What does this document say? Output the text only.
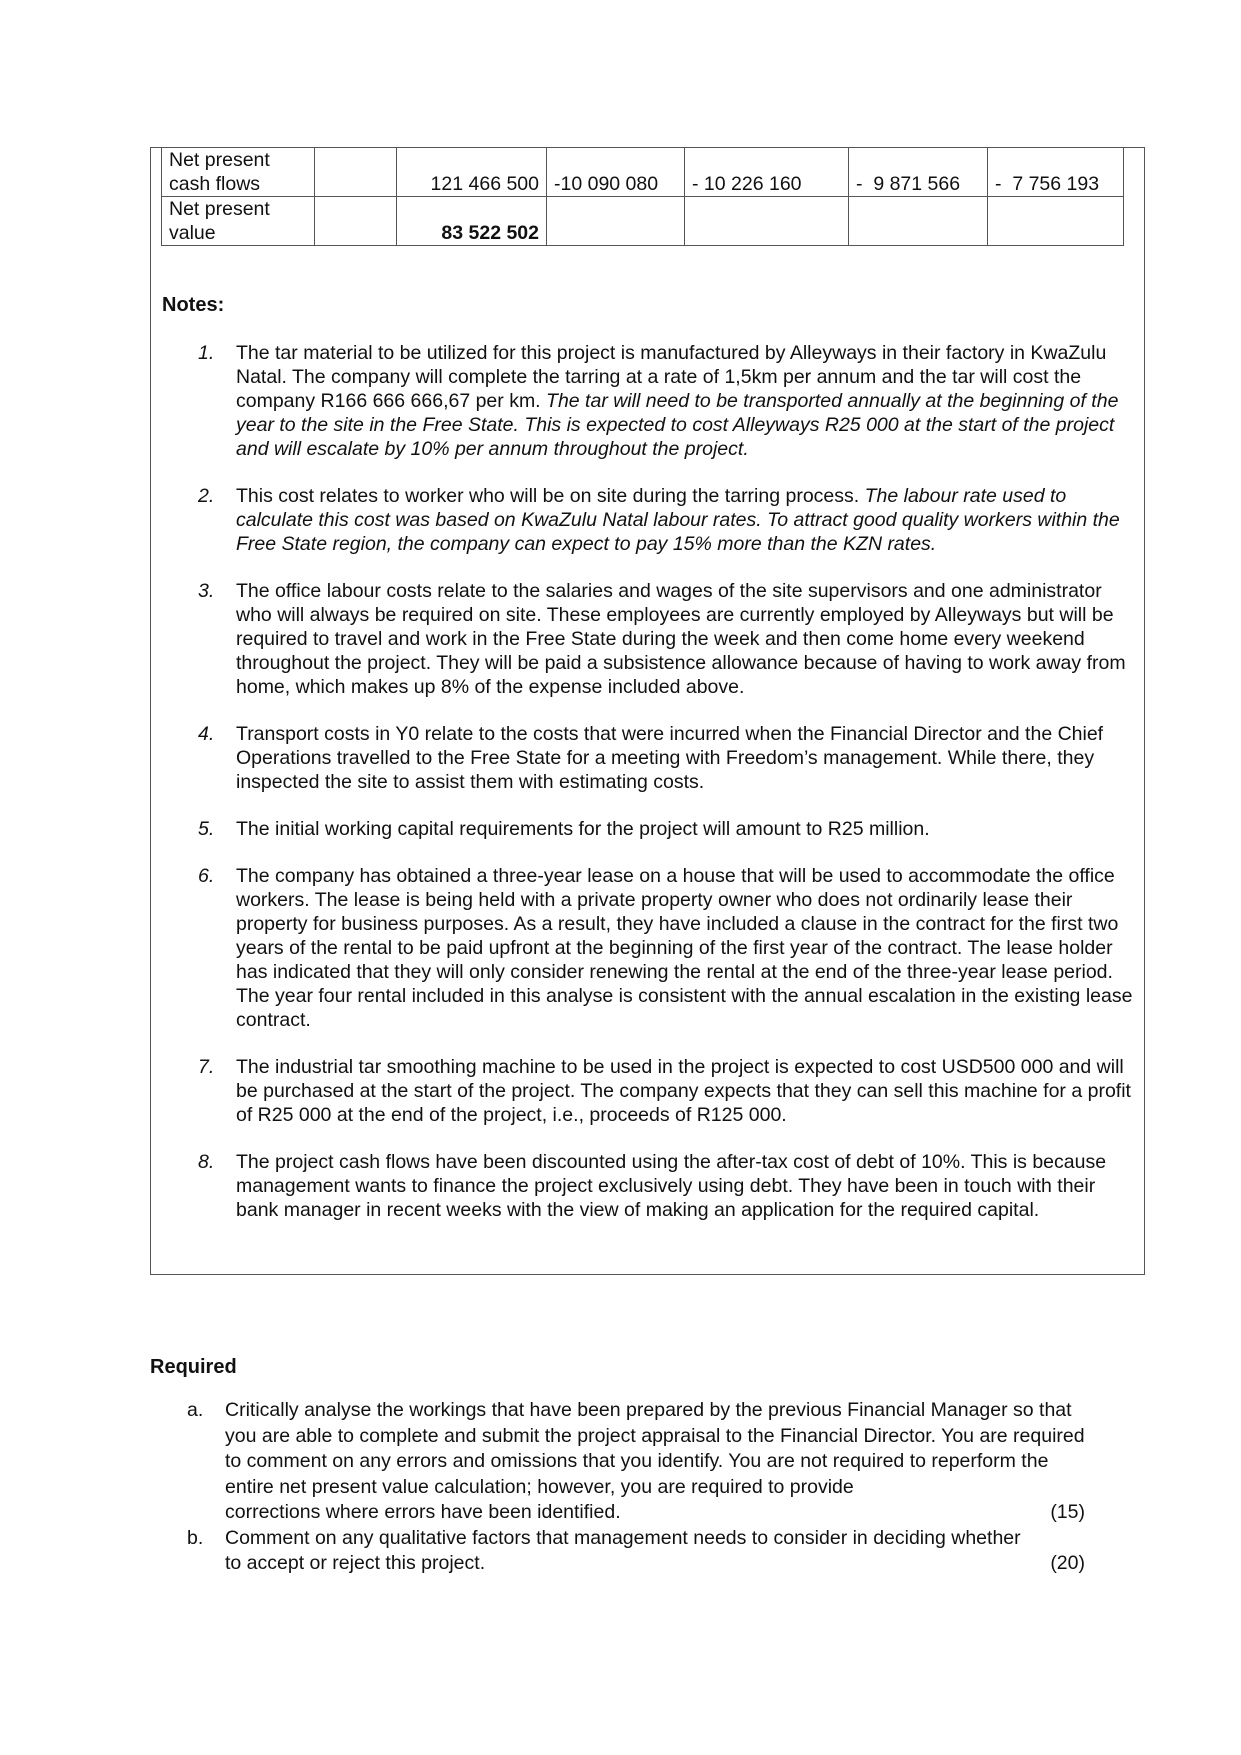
Net present
cash flows		121 466 500	-10 090 080	- 10 226 160	-  9 871 566	-  7 756 193
Net present
value		83 522 502				
Notes:
1. The tar material to be utilized for this project is manufactured by Alleyways in their factory in KwaZulu Natal. The company will complete the tarring at a rate of 1,5km per annum and the tar will cost the company R166 666 666,67 per km. The tar will need to be transported annually at the beginning of the year to the site in the Free State. This is expected to cost Alleyways R25 000 at the start of the project and will escalate by 10% per annum throughout the project.
2. This cost relates to worker who will be on site during the tarring process. The labour rate used to calculate this cost was based on KwaZulu Natal labour rates. To attract good quality workers within the Free State region, the company can expect to pay 15% more than the KZN rates.
3. The office labour costs relate to the salaries and wages of the site supervisors and one administrator who will always be required on site. These employees are currently employed by Alleyways but will be required to travel and work in the Free State during the week and then come home every weekend throughout the project. They will be paid a subsistence allowance because of having to work away from home, which makes up 8% of the expense included above.
4. Transport costs in Y0 relate to the costs that were incurred when the Financial Director and the Chief Operations travelled to the Free State for a meeting with Freedom’s management. While there, they inspected the site to assist them with estimating costs.
5. The initial working capital requirements for the project will amount to R25 million.
6. The company has obtained a three-year lease on a house that will be used to accommodate the office workers. The lease is being held with a private property owner who does not ordinarily lease their property for business purposes. As a result, they have included a clause in the contract for the first two years of the rental to be paid upfront at the beginning of the first year of the contract. The lease holder has indicated that they will only consider renewing the rental at the end of the three-year lease period. The year four rental included in this analyse is consistent with the annual escalation in the existing lease contract.
7. The industrial tar smoothing machine to be used in the project is expected to cost USD500 000 and will be purchased at the start of the project. The company expects that they can sell this machine for a profit of R25 000 at the end of the project, i.e., proceeds of R125 000.
8. The project cash flows have been discounted using the after-tax cost of debt of 10%. This is because management wants to finance the project exclusively using debt. They have been in touch with their bank manager in recent weeks with the view of making an application for the required capital.
Required
a. Critically analyse the workings that have been prepared by the previous Financial Manager so that you are able to complete and submit the project appraisal to the Financial Director. You are required to comment on any errors and omissions that you identify. You are not required to reperform the entire net present value calculation; however, you are required to provide
corrections where errors have been identified.	(15)
b. Comment on any qualitative factors that management needs to consider in deciding whether
to accept or reject this project.	(20)
